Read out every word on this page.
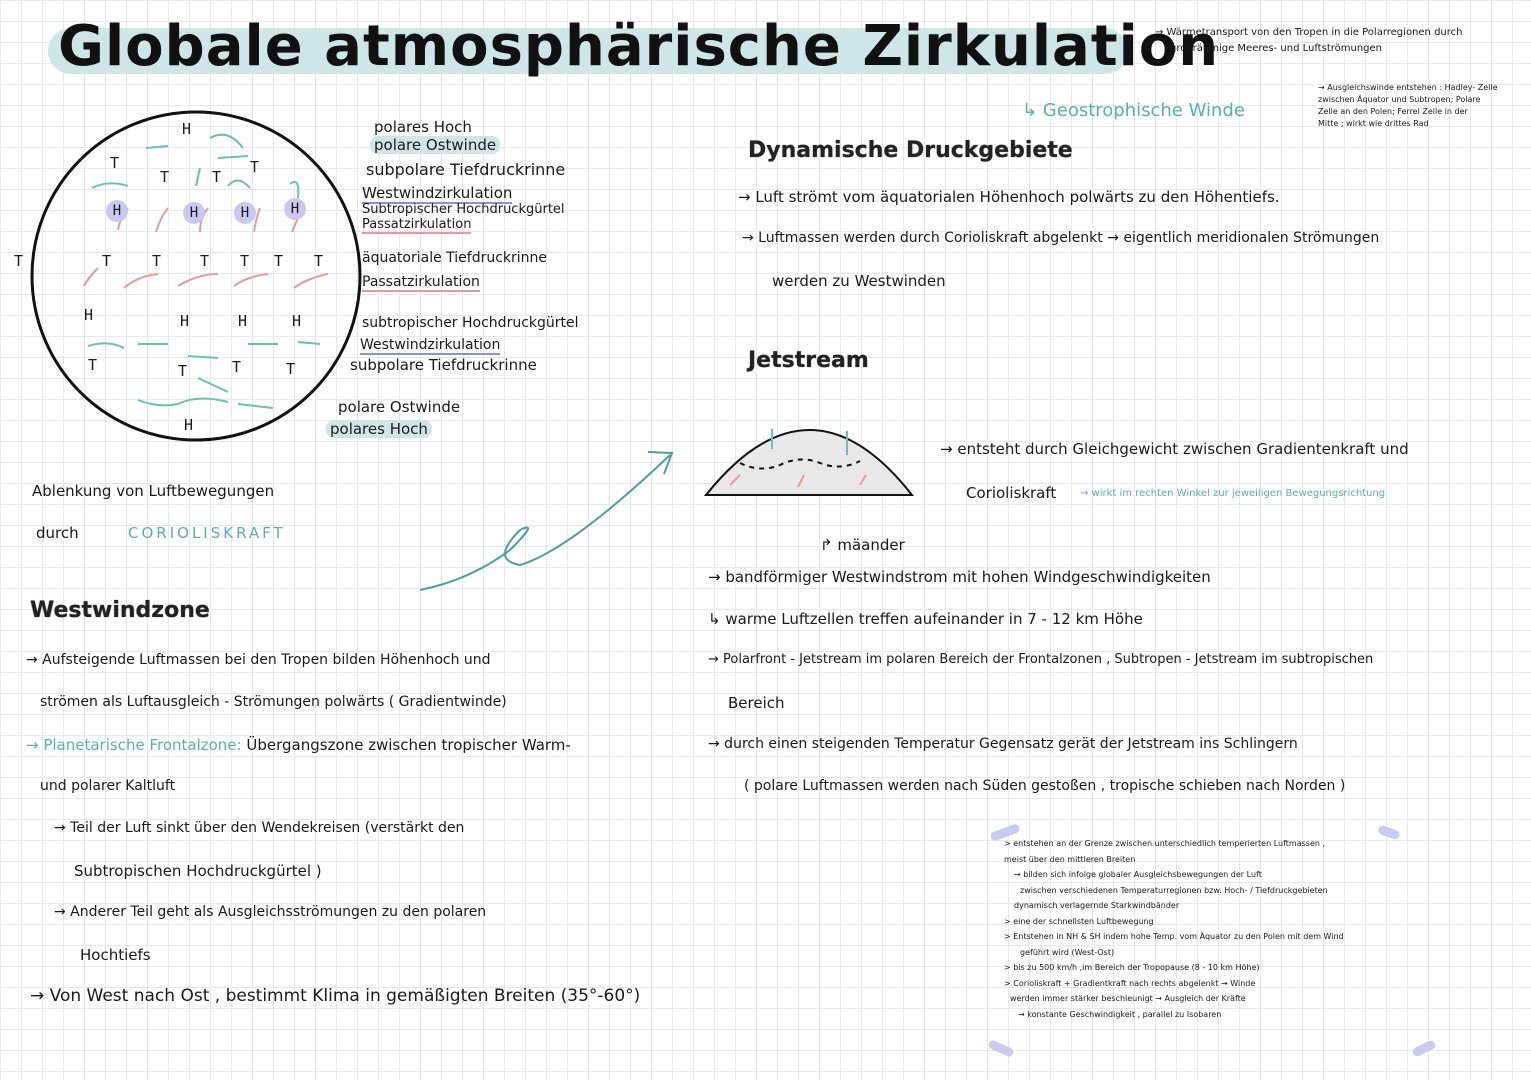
Globale atmosphärische Zirkulation
→ Wärmetransport von den Tropen in die Polarregionen durch
großräumige Meeres- und Luftströmungen
↳ Geostrophische Winde
→ Ausgleichswinde entstehen : Hadley- Zelle
zwischen Äquator und Subtropen; Polare
Zelle an den Polen; Ferrel Zelle in der
Mitte ; wirkt wie drittes Rad
H
T
T	T
T
H	H	H	H
T	T	T	T T T T
H	H	H	H
T	T	T	T
H
polares Hoch
polare Ostwinde
subpolare Tiefdruckrinne
Westwindzirkulation
Subtropischer Hochdruckgürtel
Passatzirkulation
äquatoriale Tiefdruckrinne
Passatzirkulation
subtropischer Hochdruckgürtel
Westwindzirkulation
subpolare Tiefdruckrinne
polare Ostwinde
polares Hoch
Ablenkung von Luftbewegungen
durch	CORIOLISKRAFT
Westwindzone
→ Aufsteigende Luftmassen bei den Tropen bilden Höhenhoch und
strömen als Luftausgleich - Strömungen polwärts ( Gradientwinde)
→ Planetarische Frontalzone: Übergangszone zwischen tropischer Warm-
und polarer Kaltluft
→ Teil der Luft sinkt über den Wendekreisen (verstärkt den
Subtropischen Hochdruckgürtel )
→ Anderer Teil geht als Ausgleichsströmungen zu den polaren
Hochtiefs
→ Von West nach Ost , bestimmt Klima in gemäßigten Breiten (35°-60°)
Dynamische Druckgebiete
→ Luft strömt vom äquatorialen Höhenhoch polwärts zu den Höhentiefs.
→ Luftmassen werden durch Corioliskraft abgelenkt → eigentlich meridionalen Strömungen
werden zu Westwinden
Jetstream
→ entsteht durch Gleichgewicht zwischen Gradientenkraft und
Corioliskraft → wirkt im rechten Winkel zur jeweiligen Bewegungsrichtung
↱ mäander
→ bandförmiger Westwindstrom mit hohen Windgeschwindigkeiten
↳ warme Luftzellen treffen aufeinander in 7 - 12 km Höhe
→ Polarfront - Jetstream im polaren Bereich der Frontalzonen , Subtropen - Jetstream im subtropischen
Bereich
→ durch einen steigenden Temperatur Gegensatz gerät der Jetstream ins Schlingern
( polare Luftmassen werden nach Süden gestoßen , tropische schieben nach Norden )
> entstehen an der Grenze zwischen unterschiedlich temperierten Luftmassen ,
meist über den mittleren Breiten
→ bilden sich infolge globaler Ausgleichsbewegungen der Luft
zwischen verschiedenen Temperaturregionen bzw. Hoch- / Tiefdruckgebieten
dynamisch verlagernde Starkwindbänder
> eine der schnellsten Luftbewegung
> Entstehen in NH & SH indem hohe Temp. vom Äquator zu den Polen mit dem Wind
geführt wird (West-Ost)
> bis zu 500 km/h ,im Bereich der Tropopause (8 - 10 km Höhe)
> Corioliskraft + Gradientkraft nach rechts abgelenkt → Winde
werden immer stärker beschleunigt → Ausgleich der Kräfte
→ konstante Geschwindigkeit , parallel zu Isobaren
